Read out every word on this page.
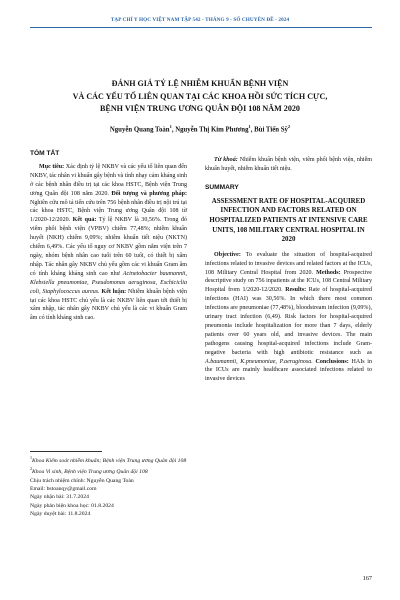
TẠP CHÍ Y HỌC VIỆT NAM TẬP 542 - THÁNG 9 - SỐ CHUYÊN ĐỀ - 2024
ĐÁNH GIÁ TỶ LỆ NHIỄM KHUẨN BỆNH VIỆN
VÀ CÁC YẾU TỐ LIÊN QUAN TẠI CÁC KHOA HỒI SỨC TÍCH CỰC,
BỆNH VIỆN TRUNG ƯƠNG QUÂN ĐỘI 108 NĂM 2020
Nguyễn Quang Toàn$^1$, Nguyễn Thị Kim Phương$^1$, Bùi Tiến Sỹ$^2$
TÓM TẮT

Mục tiêu: Xác định tỷ lệ NKBV và các yếu tố liên quan đến NKBV, tác nhân vi khuẩn gây bệnh và tính nhạy cảm kháng sinh ở các bệnh nhân điều trị tại các khoa HSTC, Bệnh viện Trung ương Quân đội 108 năm 2020. Đối tượng và phương pháp: Nghiên cứu mô tả tiến cứu trên 756 bệnh nhân điều trị nội trú tại các khoa HSTC, Bệnh viện Trung ương Quân đội 108 từ 1/2020-12/2020. Kết quả: Tỷ lệ NKBV là 30,56%. Trong đó viêm phổi bệnh viện (VPBV) chiếm 77,48%; nhiễm khuẩn huyết (NKH) chiếm 9,09%; nhiễm khuẩn tiết niệu (NKTN) chiếm 6,49%. Các yếu tố nguy cơ NKBV gồm nằm viện trên 7 ngày, nhóm bệnh nhân cao tuổi trên 60 tuổi, có thiết bị xâm nhập. Tác nhân gây NKBV chủ yếu gồm các vi khuẩn Gram âm có tính kháng kháng sinh cao như Acinetobacter baumannii, Klebsiella pneumoniae, Pseudomonas aeruginosa, Eschiciclia coli, Staphylococcus aureus. Kết luận: Nhiễm khuẩn bệnh viện tại các khoa HSTC chủ yếu là các NKBV liên quan tới thiết bị xâm nhập, tác nhân gây NKBV chủ yếu là các vi khuẩn Gram âm có tính kháng sinh cao.

$^1$Khoa Kiểm soát nhiễm khuẩn; Bệnh viện Trung ương Quân đội 108
$^2$Khoa Vi sinh, Bệnh viện Trung ương Quân đội 108
Chịu trách nhiệm chính: Nguyễn Quang Toàn
Email: bstoanqy@gmail.com
Ngày nhận bài: 31.7.2024
Ngày phản biện khoa học: 01.8.2024
Ngày duyệt bài: 11.8.2024

Từ khoá: Nhiễm khuẩn bệnh viện, viêm phổi bệnh viện, nhiễm khuẩn huyết, nhiễm khuẩn tiết niệu.

SUMMARY
ASSESSMENT RATE OF HOSPITAL-ACQUIRED INFECTION AND FACTORS RELATED ON HOSPITALIZED PATIENTS AT INTENSIVE CARE UNITS, 108 MILITARY CENTRAL HOSPITAL IN 2020

Objective: To evaluate the situation of hospital-acquired infections related to invasive devices and related factors at the ICUs, 108 Military Central Hospital from 2020. Methods: Prospective descriptive study on 756 inpatients at the ICUs, 108 Central Military Hospital from 1/2020-12/2020. Results: Rate of hospital-acquired infections (HAI) was 30,56%. In which there most common infections are pneumoniae (77,48%), bloodstream infection (9,09%), urinary tract infection (6,49). Risk factors for hospital-acquired pneumonia include hospitalization for more than 7 days, elderly patients over 60 years old, and invasive devices. The main pathogens causing hospital-acquired infections include Gram-negative bacteria with high antibiotic resistance such as A.baumannii, K.pneumoniae, P.aeruginosa. Conclusions: HAIs in the ICUs are mainly healthcare associated infections related to invasive devices

167
